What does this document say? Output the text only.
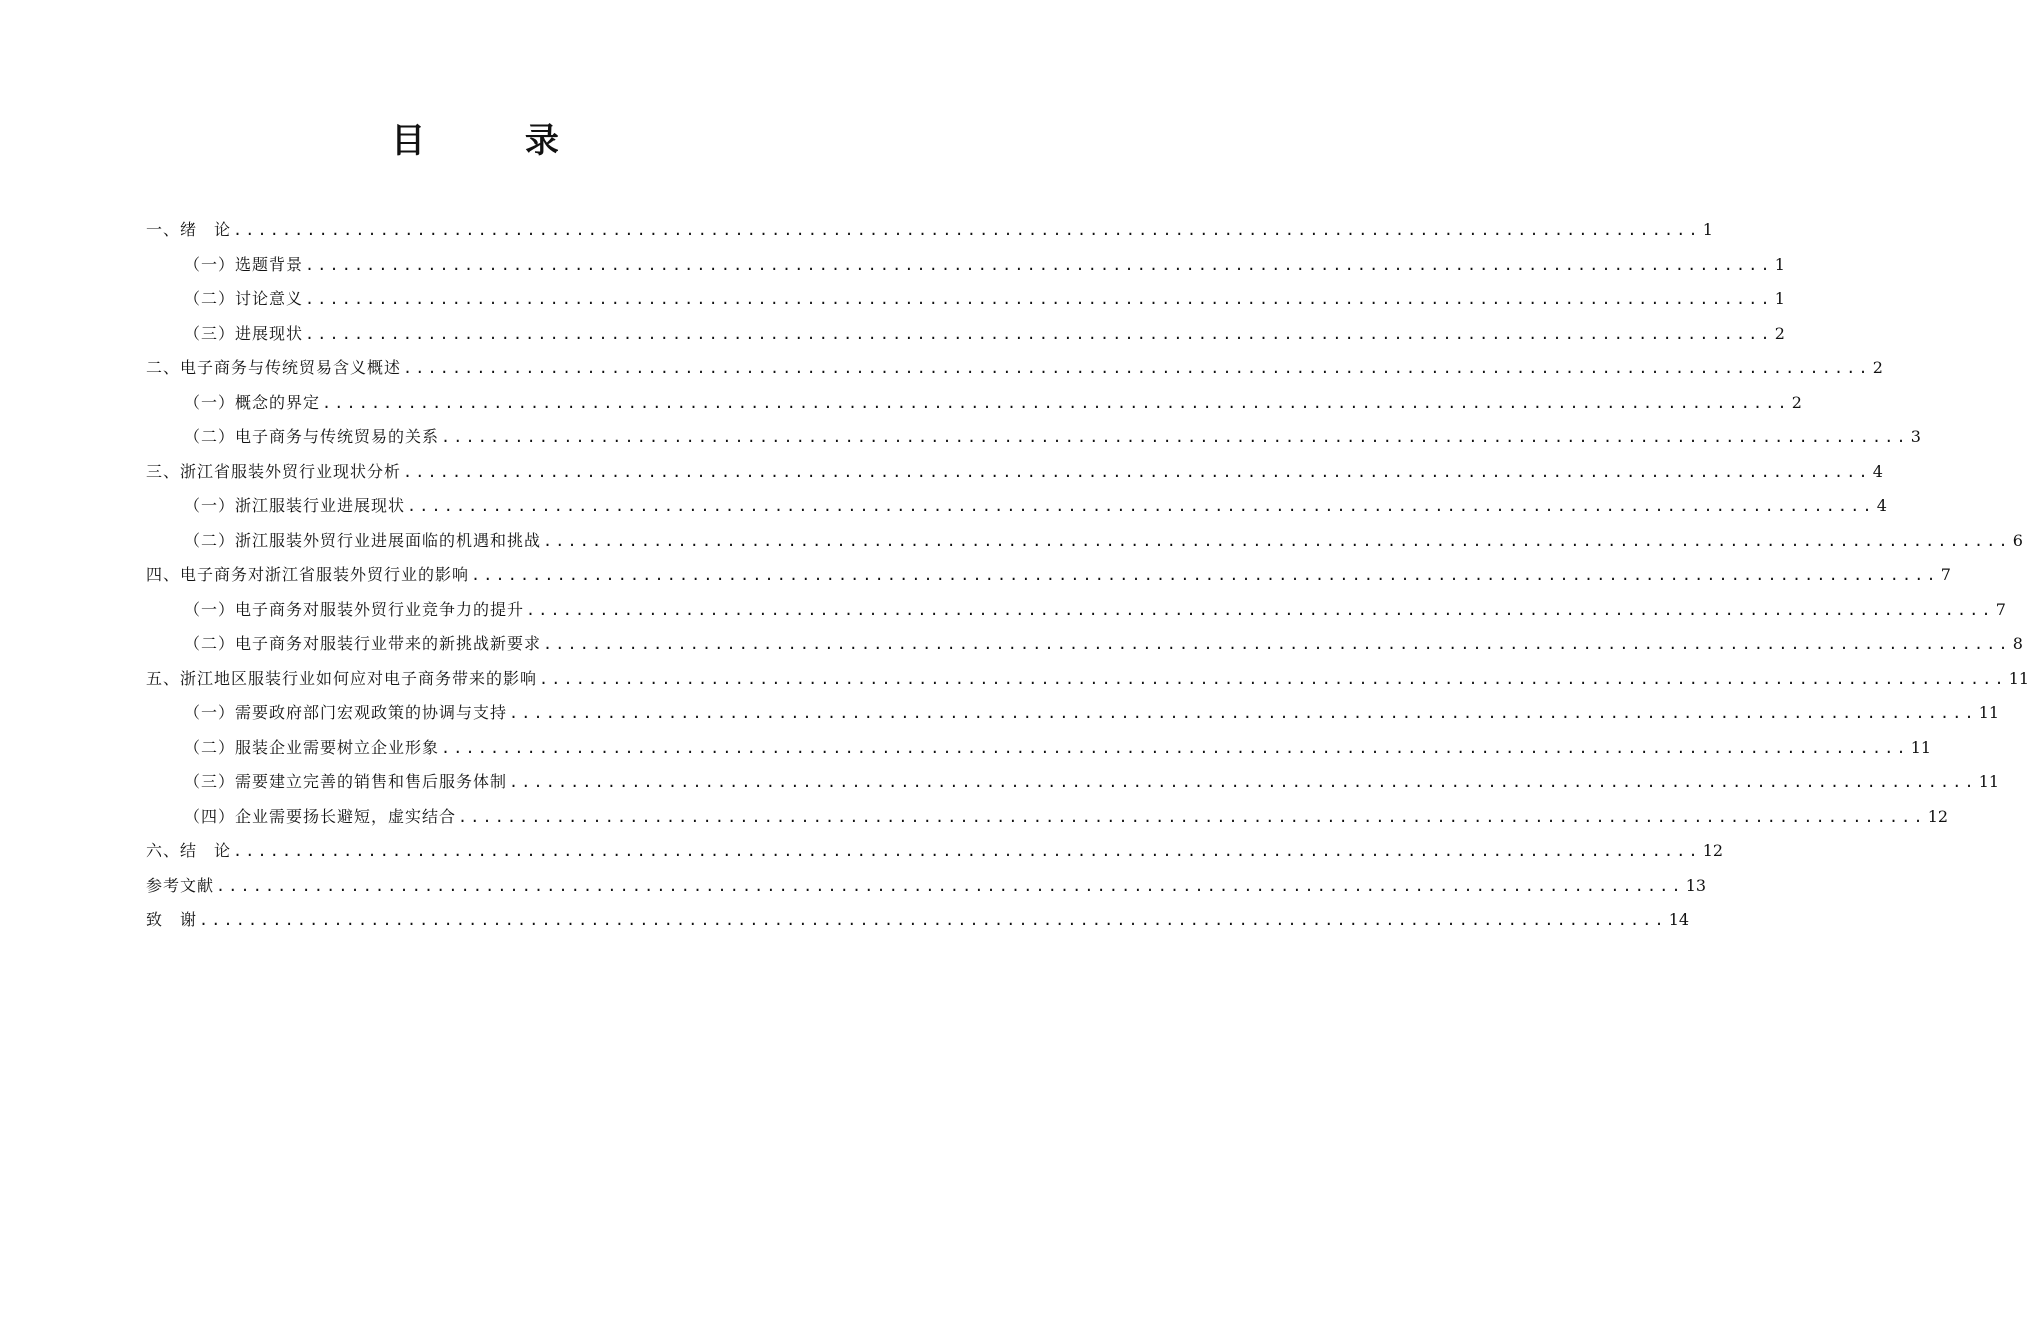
目 录
一、绪　论 ........................................................................................................................ 1
（一）选题背景 ........................................................................................................................ 1
（二）讨论意义 ........................................................................................................................ 1
（三）进展现状 ........................................................................................................................ 2
二、电子商务与传统贸易含义概述 ........................................................................................................................ 2
（一）概念的界定 ........................................................................................................................ 2
（二）电子商务与传统贸易的关系 ........................................................................................................................ 3
三、浙江省服装外贸行业现状分析 ........................................................................................................................ 4
（一）浙江服装行业进展现状 ........................................................................................................................ 4
（二）浙江服装外贸行业进展面临的机遇和挑战 ........................................................................................................................ 6
四、电子商务对浙江省服装外贸行业的影响 ........................................................................................................................ 7
（一）电子商务对服装外贸行业竞争力的提升 ........................................................................................................................ 7
（二）电子商务对服装行业带来的新挑战新要求 ........................................................................................................................ 8
五、浙江地区服装行业如何应对电子商务带来的影响 ........................................................................................................................ 11
（一）需要政府部门宏观政策的协调与支持 ........................................................................................................................ 11
（二）服装企业需要树立企业形象 ........................................................................................................................ 11
（三）需要建立完善的销售和售后服务体制 ........................................................................................................................ 11
（四）企业需要扬长避短，虚实结合 ........................................................................................................................ 12
六、结　论 ........................................................................................................................ 12
参考文献 ........................................................................................................................ 13
致　谢 ........................................................................................................................ 14
